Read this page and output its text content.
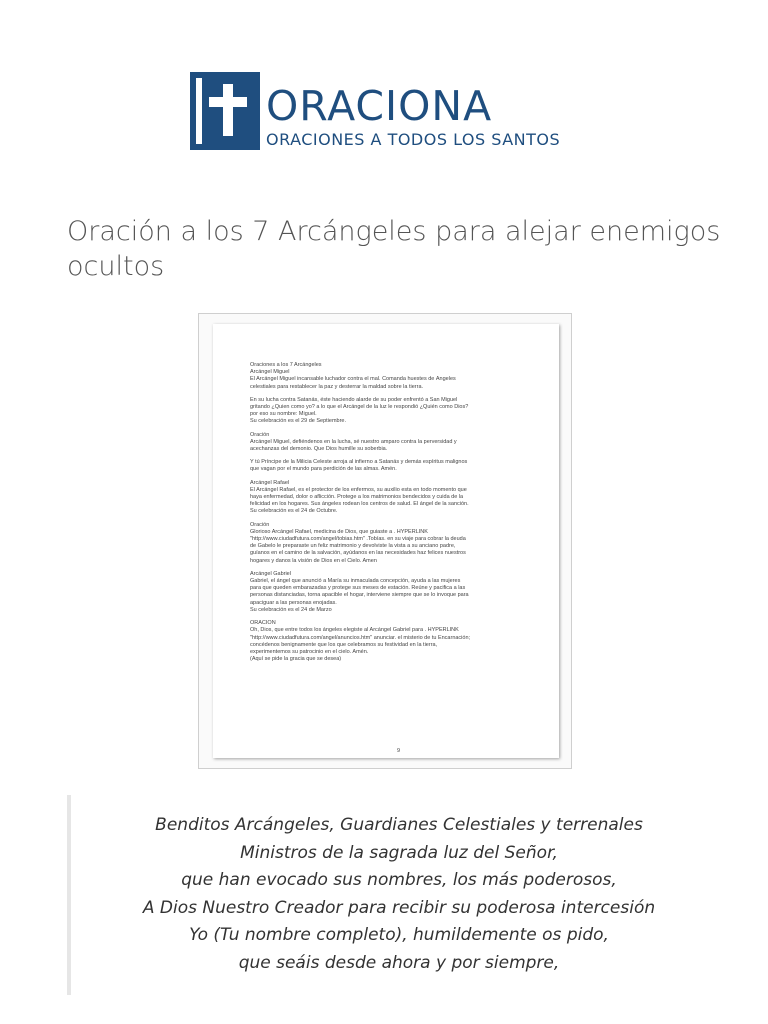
ORACIONA
ORACIONES A TODOS LOS SANTOS
Oración a los 7 Arcángeles para alejar enemigos ocultos

Oraciones a los 7 Arcángeles
Arcángel Miguel
El Arcángel Miguel incansable luchador contra el mal. Comanda huestes de Ángeles
celestiales para restablecer la paz y desterrar la maldad sobre la tierra.

En su lucha contra Satanás, éste haciendo alarde de su poder enfrentó a San Miguel
gritando ¿Quien como yo? a lo que el Arcángel de la luz le respondió ¿Quién como Dios?
por eso su nombre: Miguel.
Su celebración es el 29 de Septiembre.

Oración
Arcángel Miguel, defiéndenos en la lucha, sé nuestro amparo contra la perversidad y
acechanzas del demonio. Que Dios humille su soberbia.

Y tú Príncipe de la Milicia Celeste arroja al infierno a Satanás y demás espíritus malignos
que vagan por el mundo para perdición de las almas. Amén.

Arcángel Rafael
El Arcángel Rafael, es el protector de los enfermos, su auxilio esta en todo momento que
haya enfermedad, dolor o aflicción. Protege a los matrimonios bendecidos y cuida de la
felicidad en los hogares. Sus ángeles rodean los centros de salud. El ángel de la sanción.
Su celebración es el 24 de Octubre.

Oración
Glorioso Arcángel Rafael, medicina de Dios, que guiaste a . HYPERLINK
"http://www.ciudadfutura.com/angel/tobias.htm" .Tobías. en su viaje para cobrar la deuda
de Gabelo le preparaste un feliz matrimonio y devolviste la vista a su anciano padre,
guíanos en el camino de la salvación, ayúdanos en las necesidades haz felices nuestros
hogares y danos la visión de Dios en el Cielo. Amen

Arcángel Gabriel
Gabriel, el ángel que anunció a María su inmaculada concepción, ayuda a las mujeres
para que queden embarazadas y protege sus meses de estación. Reúne y pacifica a las
personas distanciadas, torna apacible el hogar, interviene siempre que se lo invoque para
apaciguar a las personas enojadas.
Su celebración es el 24 de Marzo

ORACION
Oh, Dios, que entre todos los ángeles elegiste al Arcángel Gabriel para . HYPERLINK
"http://www.ciudadfutura.com/angel/anuncios.htm" anunciar. el misterio de tu Encarnación;
concédenos benignamente que los que celebramos su festividad en la tierra,
experimentemos su patrocinio en el cielo. Amén.
(Aquí se pide la gracia que se desea)

9
Benditos Arcángeles, Guardianes Celestiales y terrenales
Ministros de la sagrada luz del Señor,
que han evocado sus nombres, los más poderosos,
A Dios Nuestro Creador para recibir su poderosa intercesión
Yo (Tu nombre completo), humildemente os pido,
que seáis desde ahora y por siempre,
